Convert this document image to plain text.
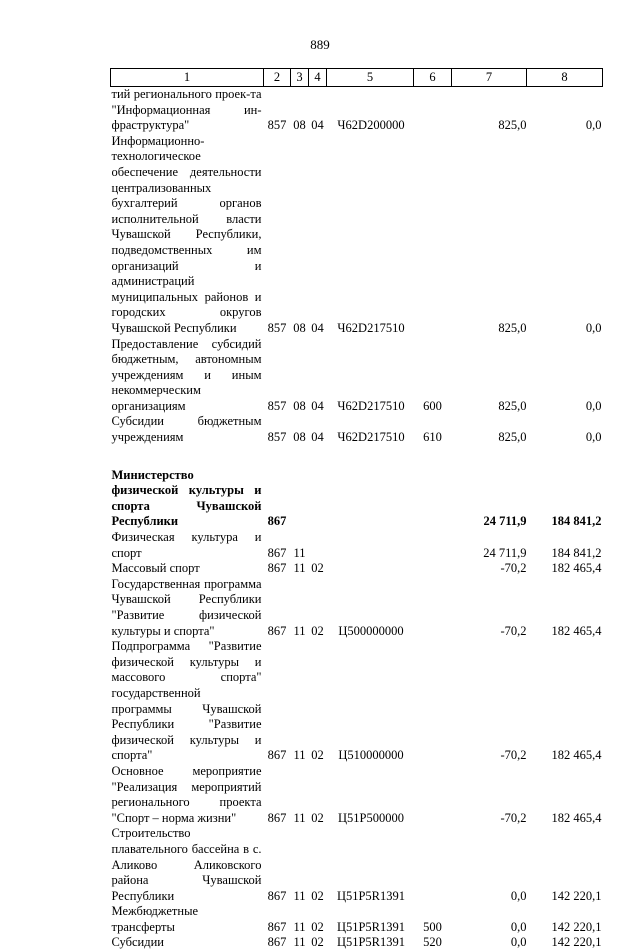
889
1	2	3	4	5	6	7	8
тий регионального проек-та "Информационная ин-фраструктура"	857	08	04	Ч62D200000		825,0	0,0
Информационно-технологическое обеспечение деятельности централизованных бухгалтерий органов исполнительной власти Чувашской Республики, подведомственных им организаций и администраций муниципальных районов и городских округов Чувашской Республики	857	08	04	Ч62D217510		825,0	0,0
Предоставление субсидий бюджетным, автономным учреждениям и иным некоммерческим организациям	857	08	04	Ч62D217510	600	825,0	0,0
Субсидии бюджетным учреждениям	857	08	04	Ч62D217510	610	825,0	0,0

Министерство физической культуры и спорта Чувашской Республики	867					24 711,9	184 841,2
Физическая культура и спорт	867	11				24 711,9	184 841,2
Массовый спорт	867	11	02			-70,2	182 465,4
Государственная программа Чувашской Республики "Развитие физической культуры и спорта"	867	11	02	Ц500000000		-70,2	182 465,4
Подпрограмма "Развитие физической культуры и массового спорта" государственной программы Чувашской Республики "Развитие физической культуры и спорта"	867	11	02	Ц510000000		-70,2	182 465,4
Основное мероприятие "Реализация мероприятий регионального проекта "Спорт – норма жизни"	867	11	02	Ц51P500000		-70,2	182 465,4
Строительство плавательного бассейна в с. Аликово Аликовского района Чувашской Республики	867	11	02	Ц51P5R1391		0,0	142 220,1
Межбюджетные трансферты	867	11	02	Ц51P5R1391	500	0,0	142 220,1
Субсидии	867	11	02	Ц51P5R1391	520	0,0	142 220,1
